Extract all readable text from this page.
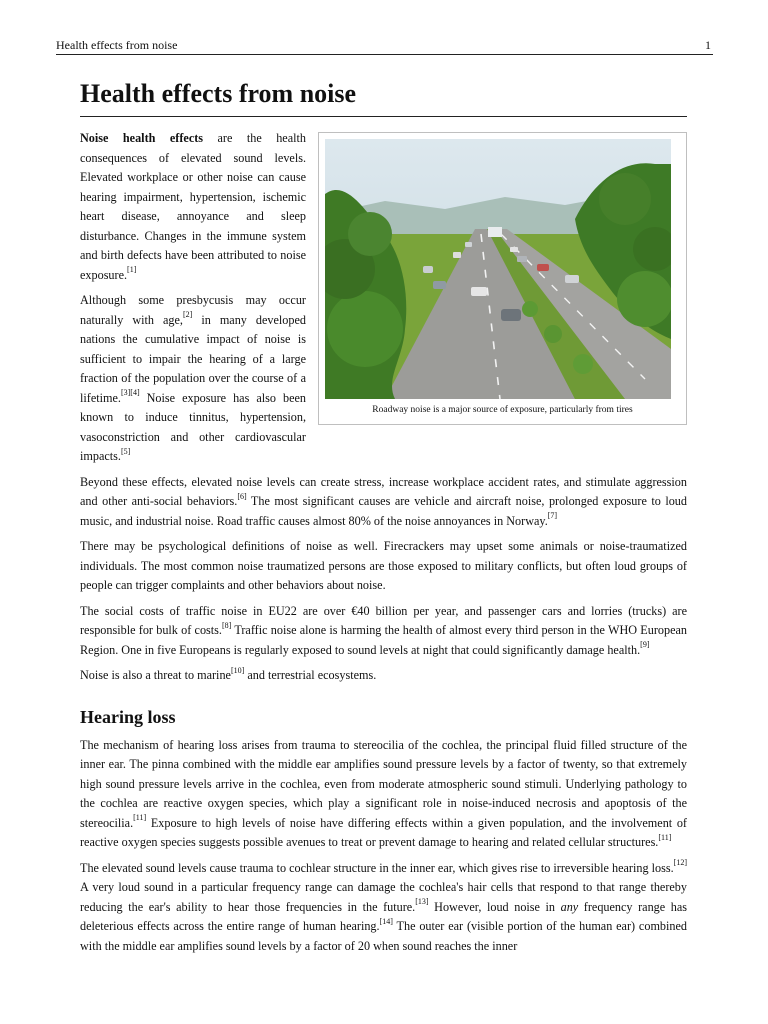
Health effects from noise	1
Health effects from noise
Roadway noise is a major source of exposure, particularly from tires

Noise health effects are the health consequences of elevated sound levels. Elevated workplace or other noise can cause hearing impairment, hypertension, ischemic heart disease, annoyance and sleep disturbance. Changes in the immune system and birth defects have been attributed to noise exposure.[1]

Although some presbycusis may occur naturally with age,[2] in many developed nations the cumulative impact of noise is sufficient to impair the hearing of a large fraction of the population over the course of a lifetime.[3][4] Noise exposure has also been known to induce tinnitus, hypertension, vasoconstriction and other cardiovascular impacts.[5]

Beyond these effects, elevated noise levels can create stress, increase workplace accident rates, and stimulate aggression and other anti-social behaviors.[6] The most significant causes are vehicle and aircraft noise, prolonged exposure to loud music, and industrial noise. Road traffic causes almost 80% of the noise annoyances in Norway.[7]

There may be psychological definitions of noise as well. Firecrackers may upset some animals or noise-traumatized individuals. The most common noise traumatized persons are those exposed to military conflicts, but often loud groups of people can trigger complaints and other behaviors about noise.

The social costs of traffic noise in EU22 are over €40 billion per year, and passenger cars and lorries (trucks) are responsible for bulk of costs.[8] Traffic noise alone is harming the health of almost every third person in the WHO European Region. One in five Europeans is regularly exposed to sound levels at night that could significantly damage health.[9]

Noise is also a threat to marine[10] and terrestrial ecosystems.

Hearing loss

The mechanism of hearing loss arises from trauma to stereocilia of the cochlea, the principal fluid filled structure of the inner ear. The pinna combined with the middle ear amplifies sound pressure levels by a factor of twenty, so that extremely high sound pressure levels arrive in the cochlea, even from moderate atmospheric sound stimuli. Underlying pathology to the cochlea are reactive oxygen species, which play a significant role in noise-induced necrosis and apoptosis of the stereocilia.[11] Exposure to high levels of noise have differing effects within a given population, and the involvement of reactive oxygen species suggests possible avenues to treat or prevent damage to hearing and related cellular structures.[11]

The elevated sound levels cause trauma to cochlear structure in the inner ear, which gives rise to irreversible hearing loss.[12] A very loud sound in a particular frequency range can damage the cochlea's hair cells that respond to that range thereby reducing the ear's ability to hear those frequencies in the future.[13] However, loud noise in any frequency range has deleterious effects across the entire range of human hearing.[14] The outer ear (visible portion of the human ear) combined with the middle ear amplifies sound levels by a factor of 20 when sound reaches the inner
